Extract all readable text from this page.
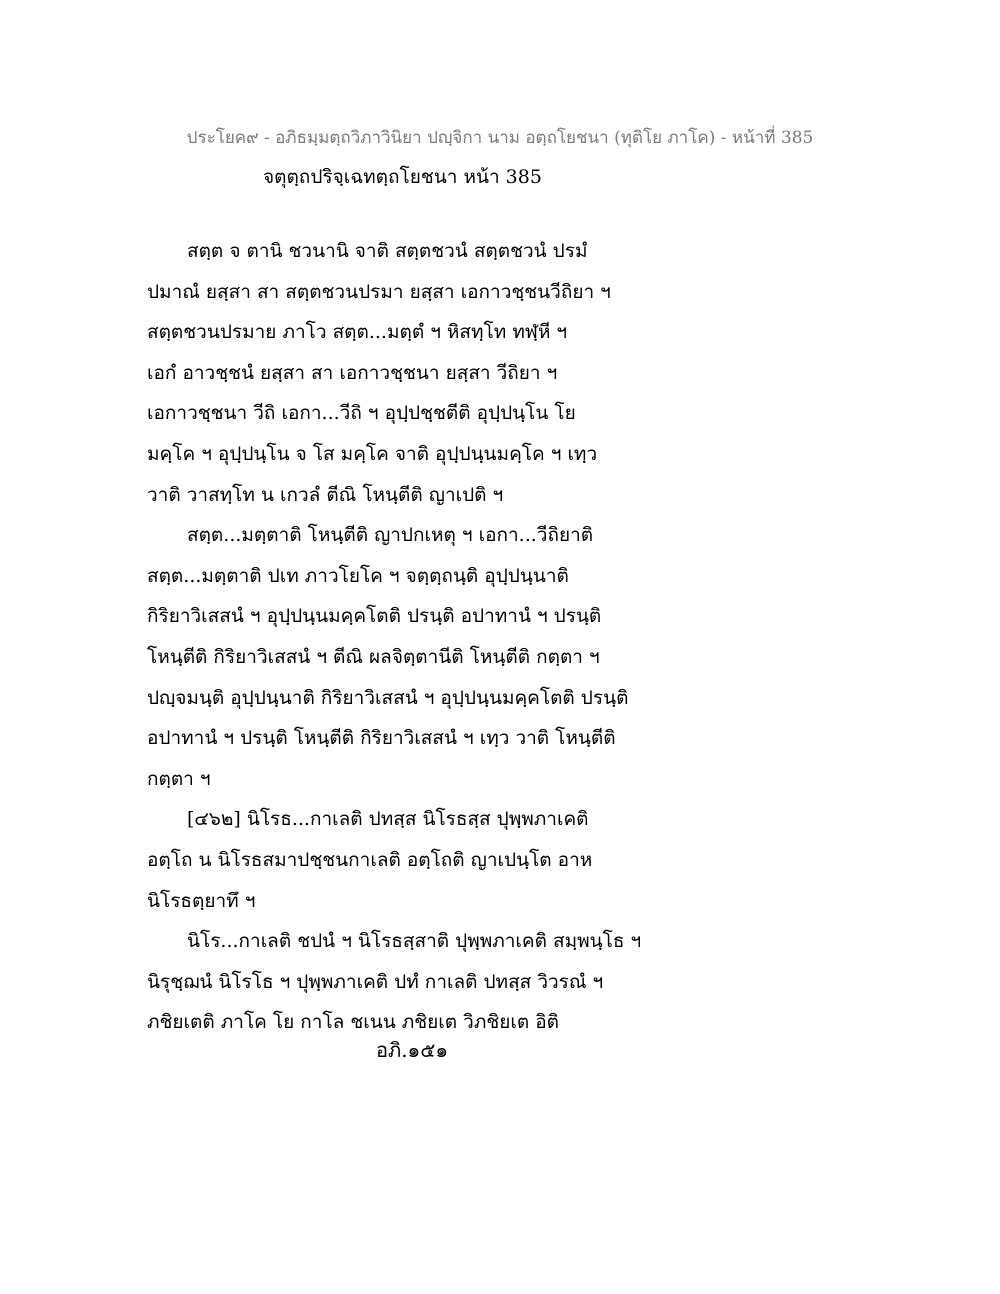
ประโยค๙ - อภิธมฺมตฺถวิภาวินิยา ปญฺจิกา นาม อตฺถโยชนา (ทุติโย ภาโค) - หน้าที่ 385
จตุตฺถปริจฺเฉทตฺถโยชนา หน้า 385
สตฺต จ ตานิ ชวนานิ จาติ สตฺตชวนํ สตฺตชวนํ ปรมํ
ปมาณํ ยสฺสา สา สตฺตชวนปรมา ยสฺสา เอกาวชฺชนวีถิยา ฯ
สตฺตชวนปรมาย ภาโว สตฺต...มตฺตํ ฯ หิสทฺโท ทฬฺหี ฯ
เอกํ อาวชฺชนํ ยสฺสา สา เอกาวชฺชนา ยสฺสา วีถิยา ฯ
เอกาวชฺชนา วีถิ เอกา...วีถิ ฯ อุปฺปชฺชตีติ อุปฺปนฺโน โย
มคฺโค ฯ อุปฺปนฺโน จ โส มคฺโค จาติ อุปฺปนฺนมคฺโค ฯ เทฺว
วาติ วาสทฺโท น เกวลํ ตีณิ โหนฺตีติ ญาเปติ ฯ
สตฺต...มตฺตาติ โหนฺตีติ ญาปกเหตุ ฯ เอกา...วีถิยาติ
สตฺต...มตฺตาติ ปเท ภาวโยโค ฯ จตฺตฺถนฺติ อุปฺปนฺนาติ
กิริยาวิเสสนํ ฯ อุปฺปนฺนมคฺคโตติ ปรนฺติ อปาทานํ ฯ ปรนฺติ
โหนฺตีติ กิริยาวิเสสนํ ฯ ตีณิ ผลจิตฺตานีติ โหนฺตีติ กตฺตา ฯ
ปญฺจมนฺติ อุปฺปนฺนาติ กิริยาวิเสสนํ ฯ อุปฺปนฺนมคฺคโตติ ปรนฺติ
อปาทานํ ฯ ปรนฺติ โหนฺตีติ กิริยาวิเสสนํ ฯ เทฺว วาติ โหนฺตีติ
กตฺตา ฯ
[๔๖๒] นิโรธ...กาเลติ ปทสฺส นิโรธสฺส ปุพฺพภาเคติ
อตฺโถ น นิโรธสมาปชฺชนกาเลติ อตฺโถติ ญาเปนฺโต อาห
นิโรธตฺยาทึ ฯ
นิโร...กาเลติ ชปนํ ฯ นิโรธสฺสาติ ปุพฺพภาเคติ สมฺพนฺโธ ฯ
นิรุชฺฌนํ นิโรโธ ฯ ปุพฺพภาเคติ ปทํ กาเลติ ปทสฺส วิวรณํ ฯ
ภชิยเตติ ภาโค โย กาโล ชเนน ภชิยเต วิภชิยเต อิติ
อภิ.๑๕๑
